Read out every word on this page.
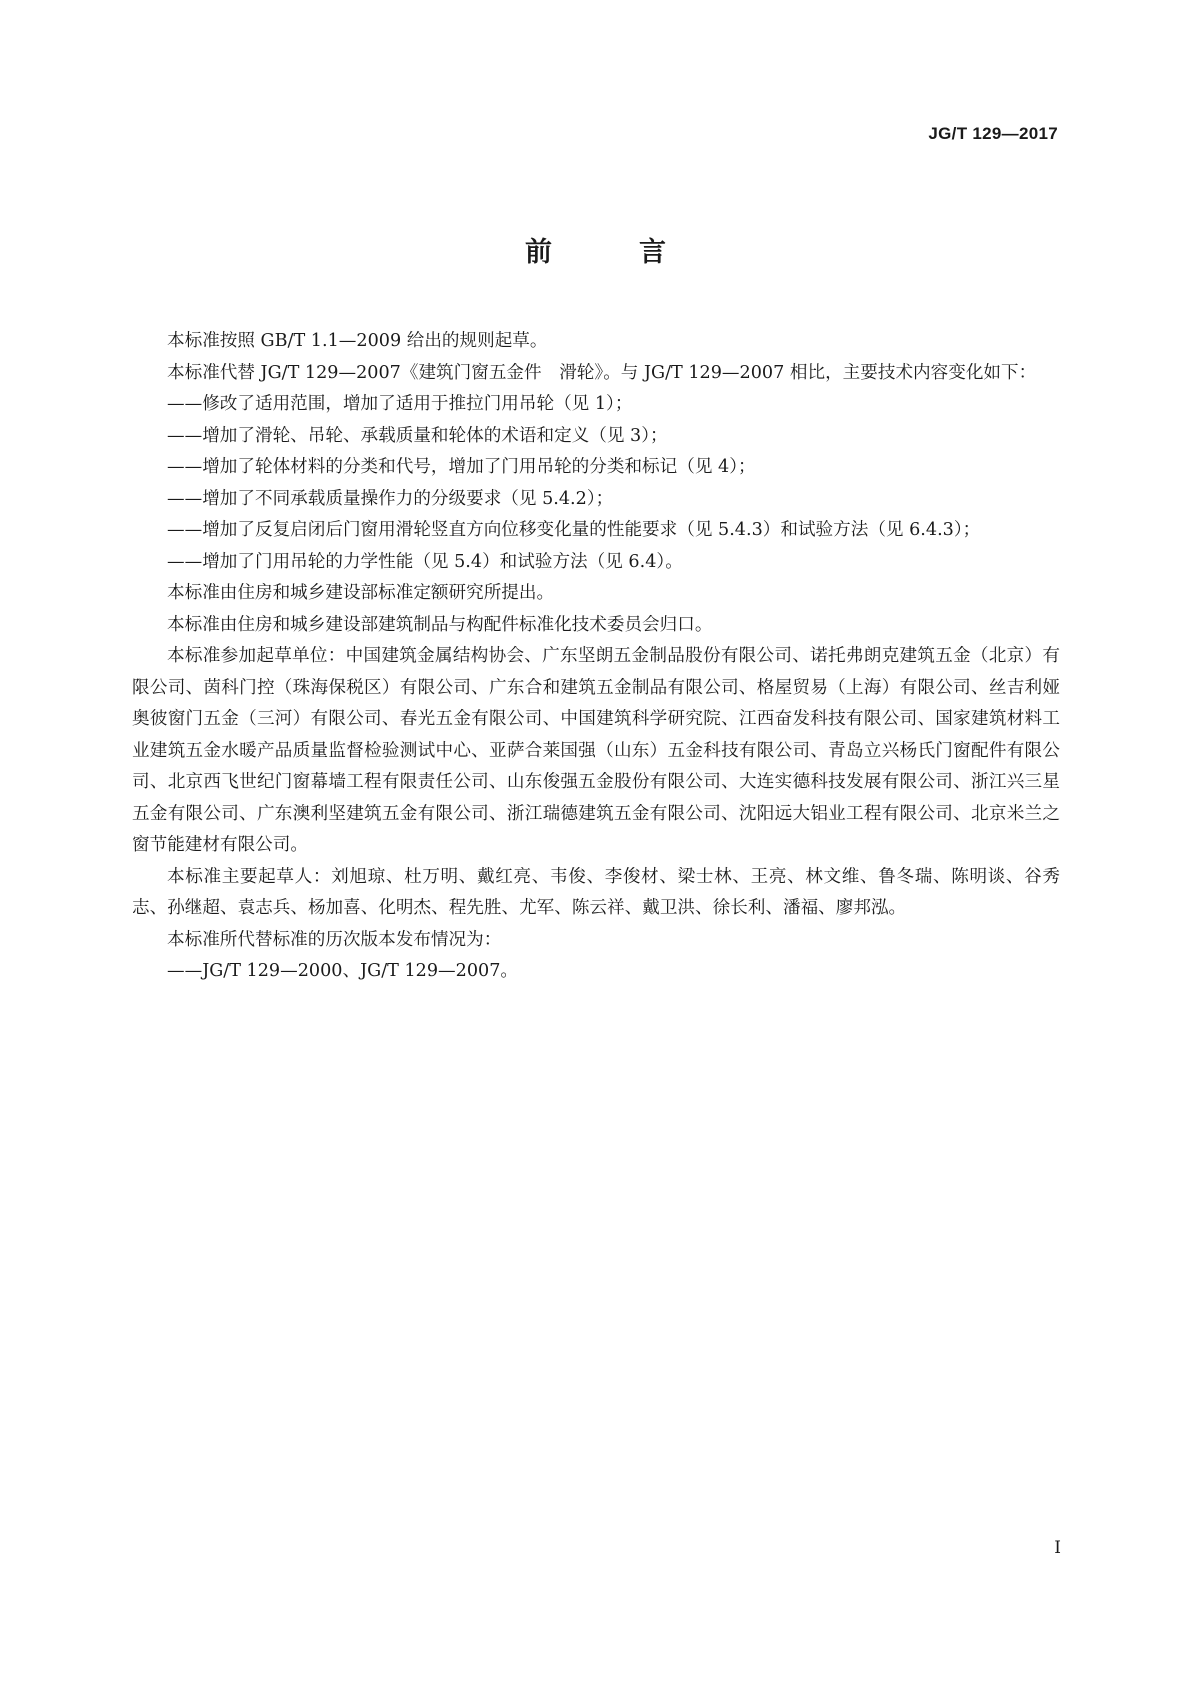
JG/T 129—2017
前　言

本标准按照 GB/T 1.1—2009 给出的规则起草。

本标准代替 JG/T 129—2007《建筑门窗五金件　滑轮》。与 JG/T 129—2007 相比，主要技术内容变化如下：

——修改了适用范围，增加了适用于推拉门用吊轮（见 1）；

——增加了滑轮、吊轮、承载质量和轮体的术语和定义（见 3）；

——增加了轮体材料的分类和代号，增加了门用吊轮的分类和标记（见 4）；

——增加了不同承载质量操作力的分级要求（见 5.4.2）；

——增加了反复启闭后门窗用滑轮竖直方向位移变化量的性能要求（见 5.4.3）和试验方法（见 6.4.3）；

——增加了门用吊轮的力学性能（见 5.4）和试验方法（见 6.4）。

本标准由住房和城乡建设部标准定额研究所提出。

本标准由住房和城乡建设部建筑制品与构配件标准化技术委员会归口。

本标准参加起草单位：中国建筑金属结构协会、广东坚朗五金制品股份有限公司、诺托弗朗克建筑五金（北京）有限公司、茵科门控（珠海保税区）有限公司、广东合和建筑五金制品有限公司、格屋贸易（上海）有限公司、丝吉利娅奥彼窗门五金（三河）有限公司、春光五金有限公司、中国建筑科学研究院、江西奋发科技有限公司、国家建筑材料工业建筑五金水暖产品质量监督检验测试中心、亚萨合莱国强（山东）五金科技有限公司、青岛立兴杨氏门窗配件有限公司、北京西飞世纪门窗幕墙工程有限责任公司、山东俊强五金股份有限公司、大连实德科技发展有限公司、浙江兴三星五金有限公司、广东澳利坚建筑五金有限公司、浙江瑞德建筑五金有限公司、沈阳远大铝业工程有限公司、北京米兰之窗节能建材有限公司。

本标准主要起草人：刘旭琼、杜万明、戴红亮、韦俊、李俊材、梁士林、王亮、林文维、鲁冬瑞、陈明谈、谷秀志、孙继超、袁志兵、杨加喜、化明杰、程先胜、尤军、陈云祥、戴卫洪、徐长利、潘福、廖邦泓。

本标准所代替标准的历次版本发布情况为：

——JG/T 129—2000、JG/T 129—2007。

I
